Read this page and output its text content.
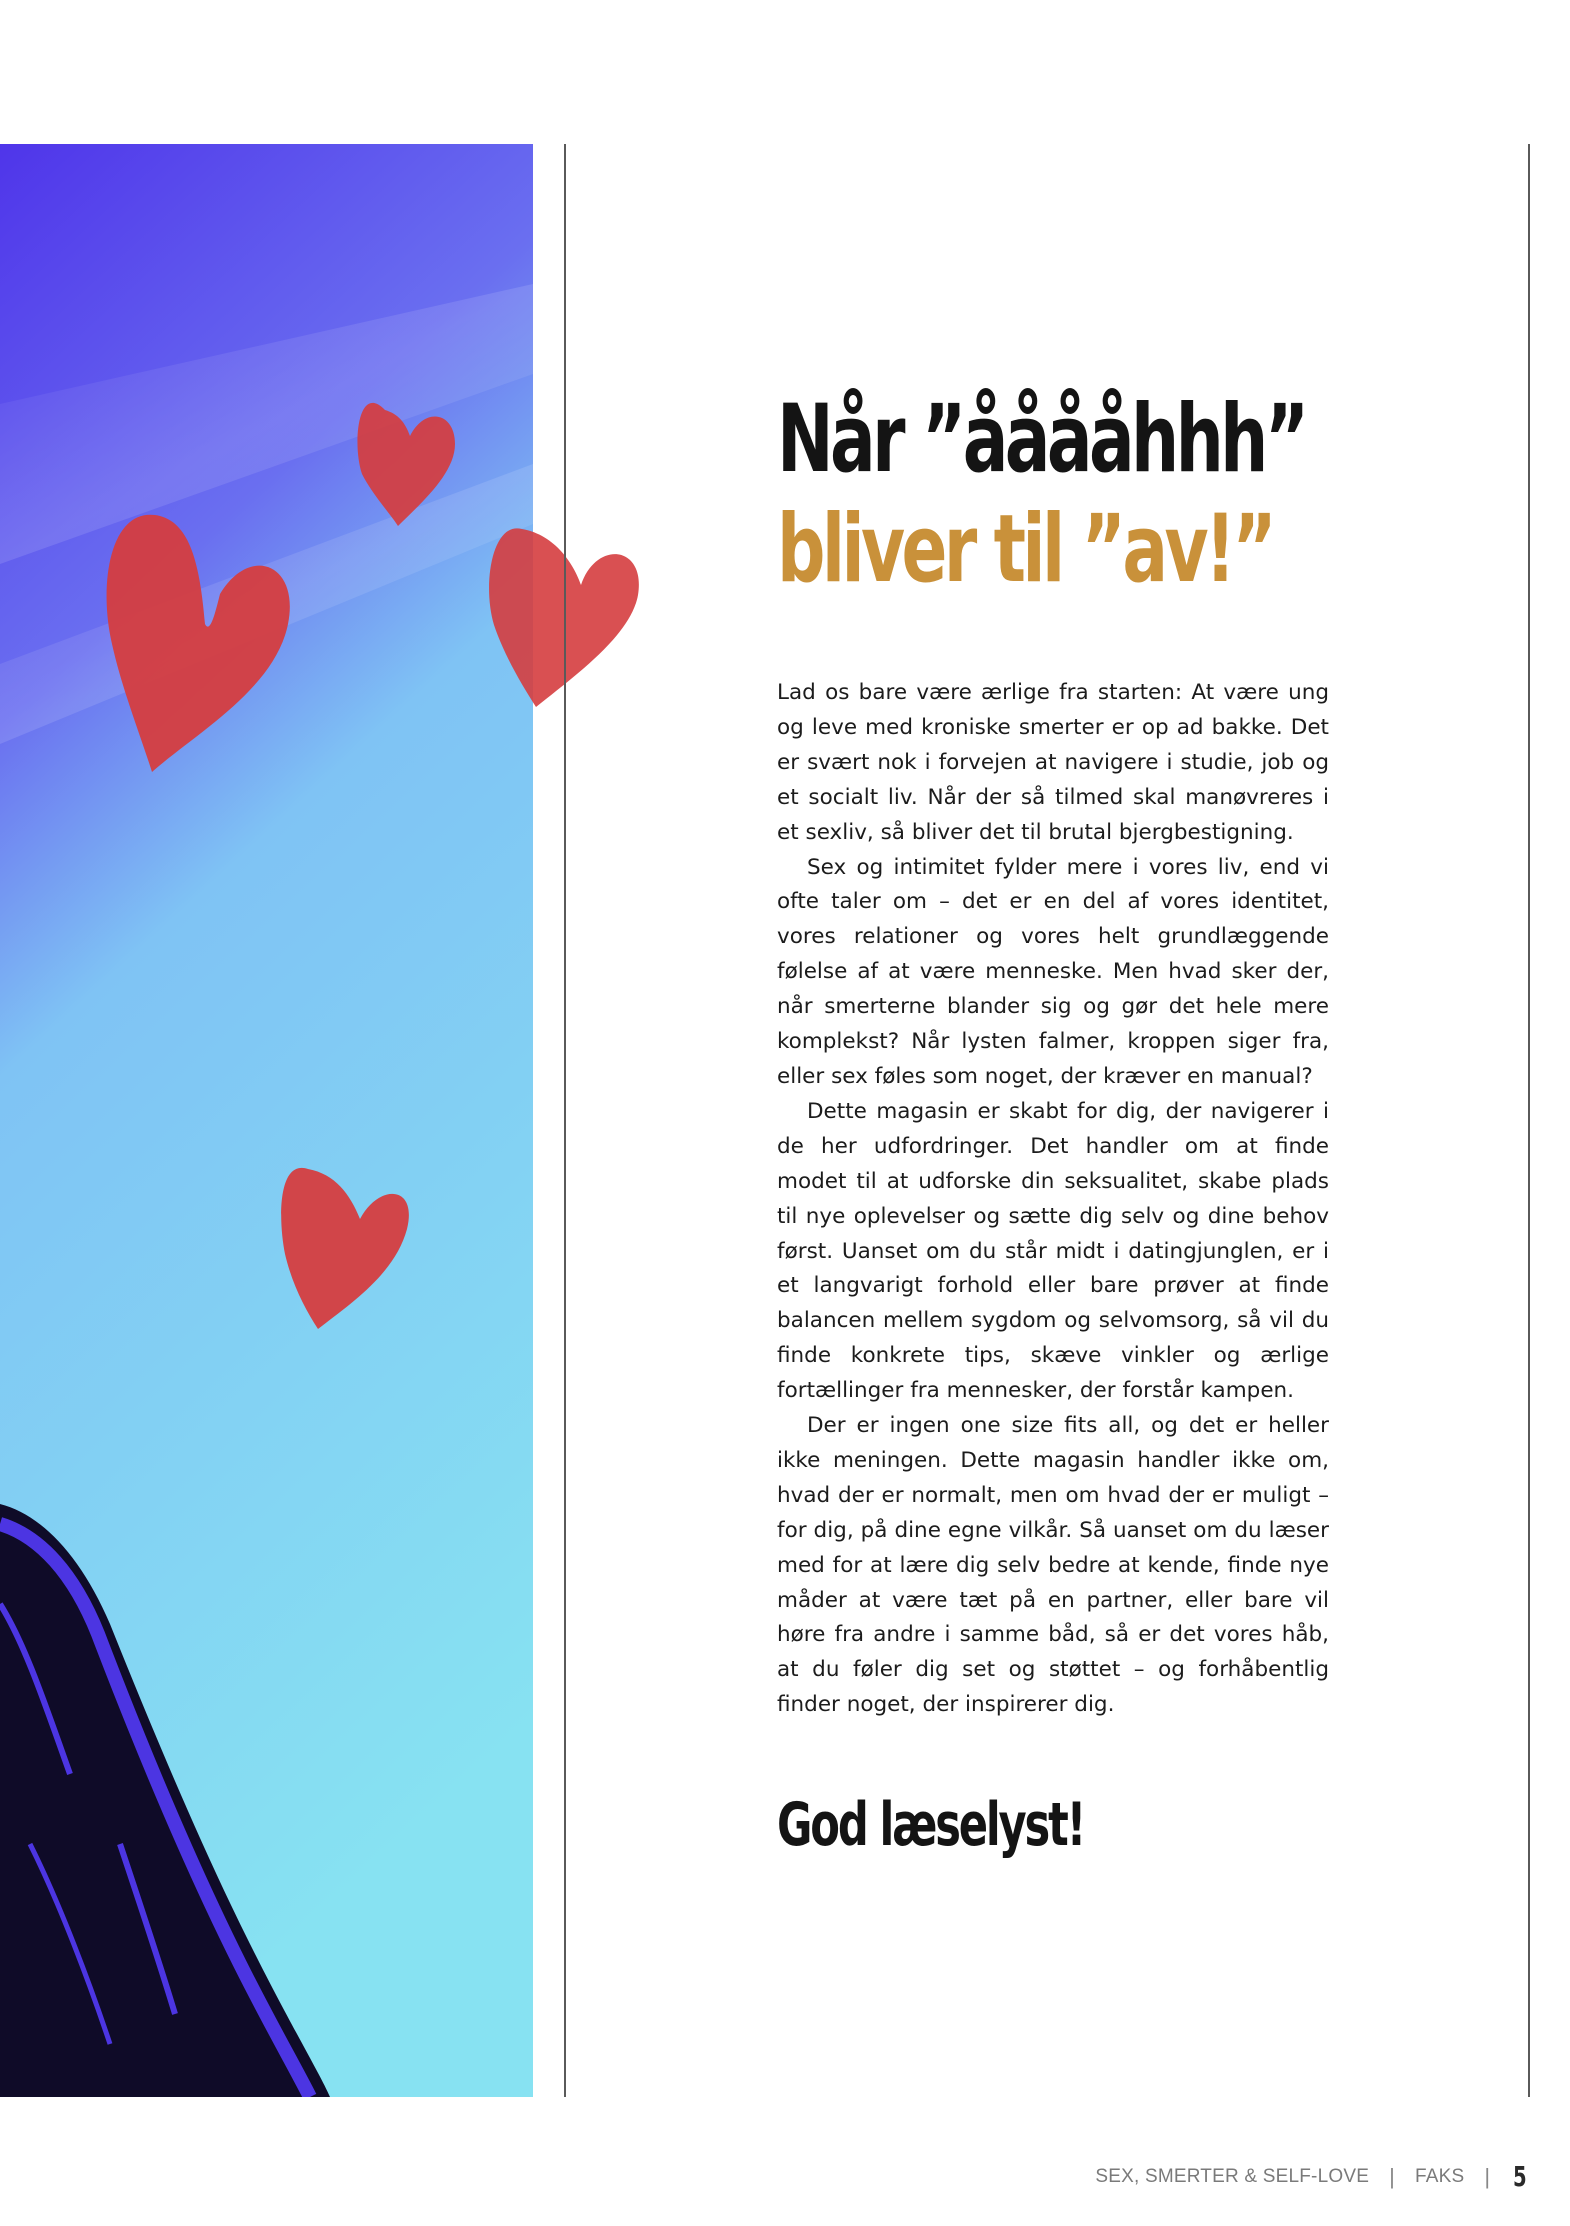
Når ”ååååhhh”
bliver til ”av!”

Lad os bare være ærlige fra starten: At være ung og leve med kroniske smerter er op ad bakke. Det er svært nok i forvejen at navigere i studie, job og et socialt liv. Når der så tilmed skal manøvreres i et sexliv, så bliver det til brutal bjergbestigning.

Sex og intimitet fylder mere i vores liv, end vi ofte taler om – det er en del af vores identitet, vores relationer og vores helt grundlæggende følelse af at være menneske. Men hvad sker der, når smerterne blander sig og gør det hele mere komplekst? Når lysten falmer, kroppen siger fra, eller sex føles som noget, der kræver en manual?

Dette magasin er skabt for dig, der navigerer i de her udfordringer. Det handler om at finde modet til at udforske din seksualitet, skabe plads til nye oplevelser og sætte dig selv og dine behov først. Uanset om du står midt i datingjunglen, er i et langvarigt forhold eller bare prøver at finde balancen mellem sygdom og selvomsorg, så vil du finde konkrete tips, skæve vinkler og ærlige fortællinger fra mennesker, der forstår kampen.

Der er ingen one size fits all, og det er heller ikke meningen. Dette magasin handler ikke om, hvad der er normalt, men om hvad der er muligt – for dig, på dine egne vilkår. Så uanset om du læser med for at lære dig selv bedre at kende, finde nye måder at være tæt på en partner, eller bare vil høre fra andre i samme båd, så er det vores håb, at du føler dig set og støttet – og forhåbentlig finder noget, der inspirerer dig.

God læselyst!
SEX, SMERTER & SELF-LOVE | FAKS | 5
